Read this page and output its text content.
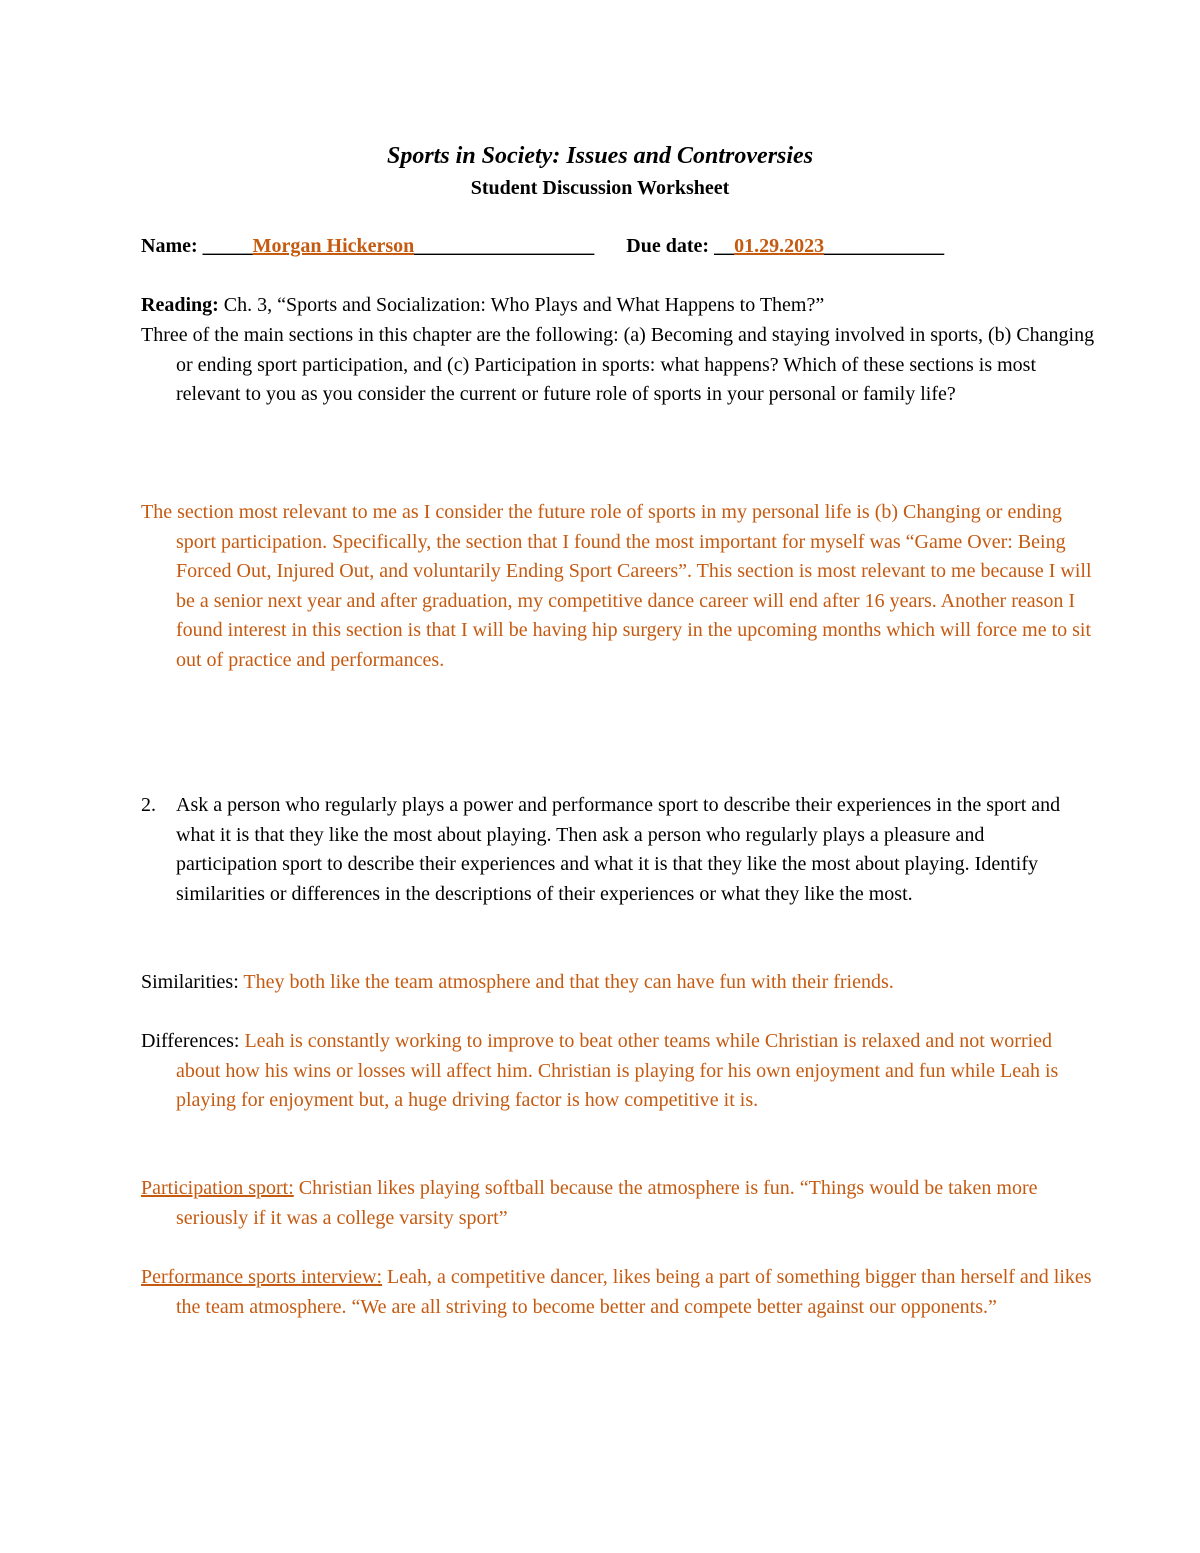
Sports in Society: Issues and Controversies
Student Discussion Worksheet
Name: _____Morgan Hickerson__________________ Due date: __01.29.2023____________
Reading: Ch. 3, “Sports and Socialization: Who Plays and What Happens to Them?”
Three of the main sections in this chapter are the following: (a) Becoming and staying involved in sports, (b) Changing or ending sport participation, and (c) Participation in sports: what happens? Which of these sections is most relevant to you as you consider the current or future role of sports in your personal or family life?
The section most relevant to me as I consider the future role of sports in my personal life is (b) Changing or ending sport participation. Specifically, the section that I found the most important for myself was “Game Over: Being Forced Out, Injured Out, and voluntarily Ending Sport Careers”. This section is most relevant to me because I will be a senior next year and after graduation, my competitive dance career will end after 16 years. Another reason I found interest in this section is that I will be having hip surgery in the upcoming months which will force me to sit out of practice and performances.
2. Ask a person who regularly plays a power and performance sport to describe their experiences in the sport and what it is that they like the most about playing. Then ask a person who regularly plays a pleasure and participation sport to describe their experiences and what it is that they like the most about playing. Identify similarities or differences in the descriptions of their experiences or what they like the most.
Similarities: They both like the team atmosphere and that they can have fun with their friends.
Differences: Leah is constantly working to improve to beat other teams while Christian is relaxed and not worried about how his wins or losses will affect him. Christian is playing for his own enjoyment and fun while Leah is playing for enjoyment but, a huge driving factor is how competitive it is.
Participation sport: Christian likes playing softball because the atmosphere is fun. “Things would be taken more seriously if it was a college varsity sport”
Performance sports interview: Leah, a competitive dancer, likes being a part of something bigger than herself and likes the team atmosphere. “We are all striving to become better and compete better against our opponents.”
